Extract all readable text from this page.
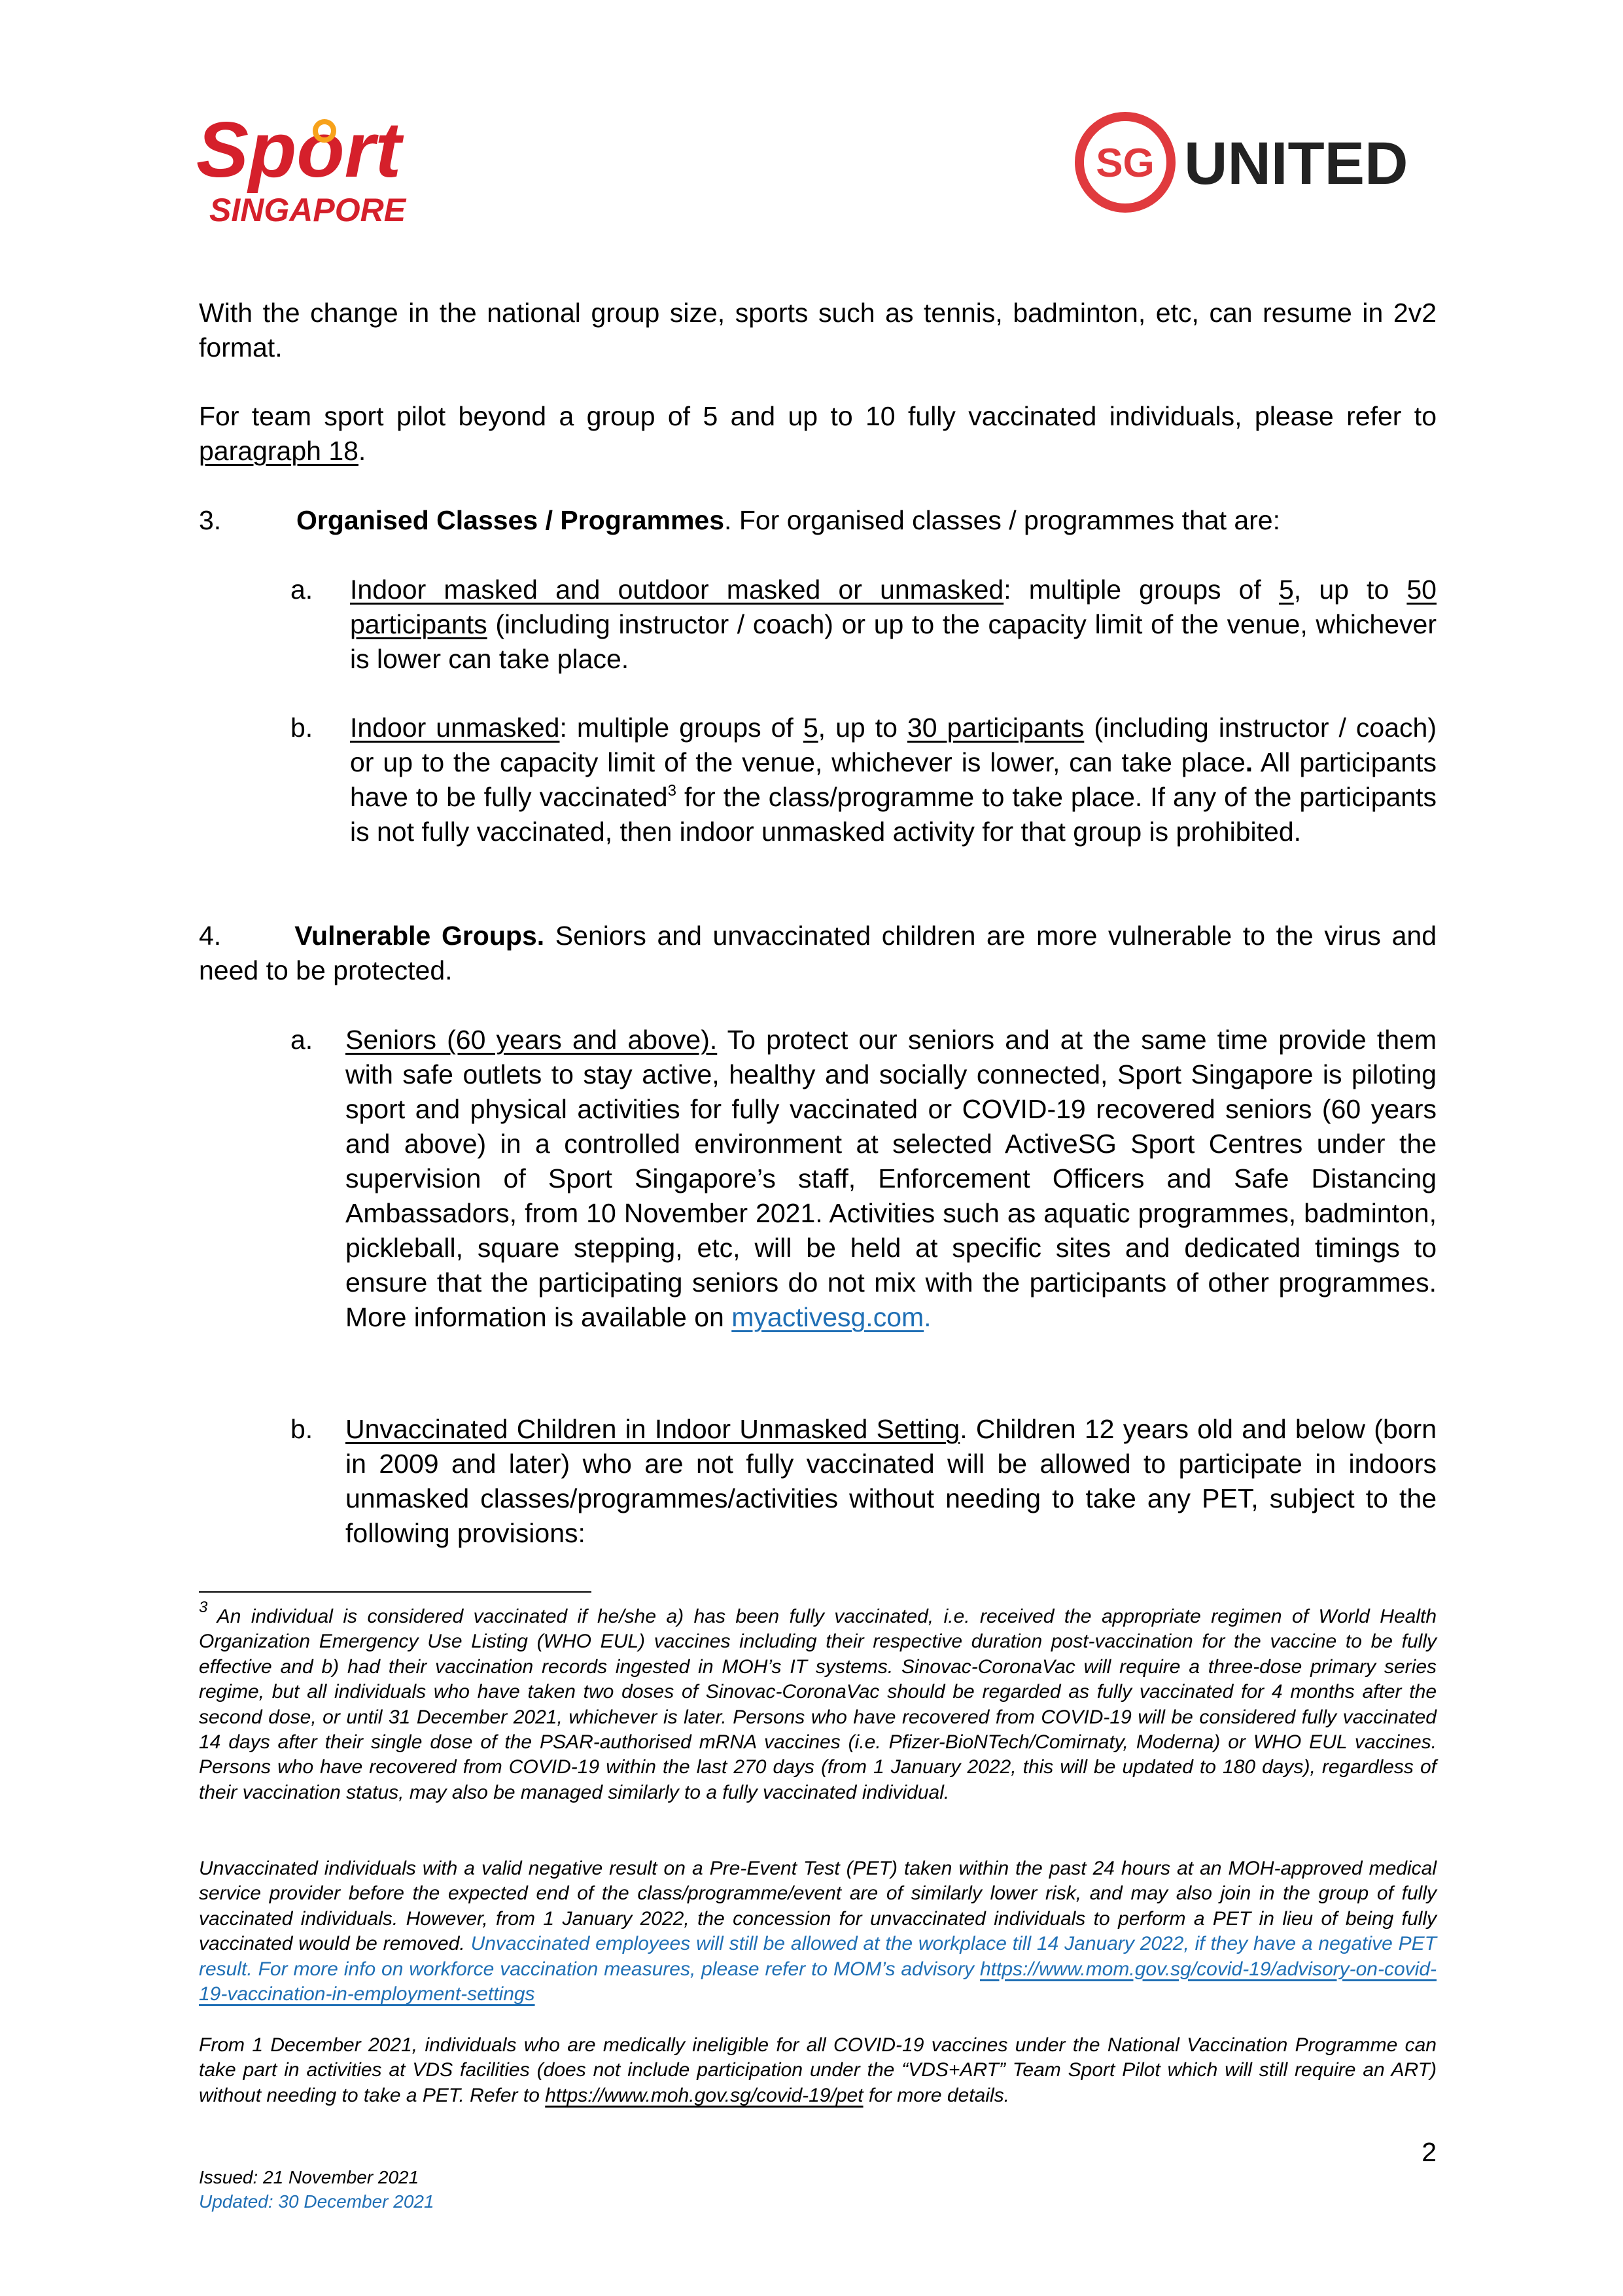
Sport
SINGAPORE
SG UNITED
With the change in the national group size, sports such as tennis, badminton, etc, can resume in 2v2 format.
For team sport pilot beyond a group of 5 and up to 10 fully vaccinated individuals, please refer to paragraph 18.
3.	Organised Classes / Programmes. For organised classes / programmes that are:
a. Indoor masked and outdoor masked or unmasked: multiple groups of 5, up to 50 participants (including instructor / coach) or up to the capacity limit of the venue, whichever is lower can take place.
b. Indoor unmasked: multiple groups of 5, up to 30 participants (including instructor / coach) or up to the capacity limit of the venue, whichever is lower, can take place. All participants have to be fully vaccinated$^3$ for the class/programme to take place. If any of the participants is not fully vaccinated, then indoor unmasked activity for that group is prohibited.
4.	Vulnerable Groups. Seniors and unvaccinated children are more vulnerable to the virus and need to be protected.
a. Seniors (60 years and above). To protect our seniors and at the same time provide them with safe outlets to stay active, healthy and socially connected, Sport Singapore is piloting sport and physical activities for fully vaccinated or COVID-19 recovered seniors (60 years and above) in a controlled environment at selected ActiveSG Sport Centres under the supervision of Sport Singapore’s staff, Enforcement Officers and Safe Distancing Ambassadors, from 10 November 2021. Activities such as aquatic programmes, badminton, pickleball, square stepping, etc, will be held at specific sites and dedicated timings to ensure that the participating seniors do not mix with the participants of other programmes. More information is available on myactivesg.com.
b. Unvaccinated Children in Indoor Unmasked Setting. Children 12 years old and below (born in 2009 and later) who are not fully vaccinated will be allowed to participate in indoors unmasked classes/programmes/activities without needing to take any PET, subject to the following provisions:
$^3$ An individual is considered vaccinated if he/she a) has been fully vaccinated, i.e. received the appropriate regimen of World Health Organization Emergency Use Listing (WHO EUL) vaccines including their respective duration post-vaccination for the vaccine to be fully effective and b) had their vaccination records ingested in MOH’s IT systems. Sinovac-CoronaVac will require a three-dose primary series regime, but all individuals who have taken two doses of Sinovac-CoronaVac should be regarded as fully vaccinated for 4 months after the second dose, or until 31 December 2021, whichever is later. Persons who have recovered from COVID-19 will be considered fully vaccinated 14 days after their single dose of the PSAR-authorised mRNA vaccines (i.e. Pfizer-BioNTech/Comirnaty, Moderna) or WHO EUL vaccines. Persons who have recovered from COVID-19 within the last 270 days (from 1 January 2022, this will be updated to 180 days), regardless of their vaccination status, may also be managed similarly to a fully vaccinated individual.
Unvaccinated individuals with a valid negative result on a Pre-Event Test (PET) taken within the past 24 hours at an MOH-approved medical service provider before the expected end of the class/programme/event are of similarly lower risk, and may also join in the group of fully vaccinated individuals. However, from 1 January 2022, the concession for unvaccinated individuals to perform a PET in lieu of being fully vaccinated would be removed. Unvaccinated employees will still be allowed at the workplace till 14 January 2022, if they have a negative PET result. For more info on workforce vaccination measures, please refer to MOM’s advisory https://www.mom.gov.sg/covid-19/advisory-on-covid-19-vaccination-in-employment-settings
From 1 December 2021, individuals who are medically ineligible for all COVID-19 vaccines under the National Vaccination Programme can take part in activities at VDS facilities (does not include participation under the “VDS+ART” Team Sport Pilot which will still require an ART) without needing to take a PET. Refer to https://www.moh.gov.sg/covid-19/pet for more details.
2
Issued: 21 November 2021
Updated: 30 December 2021
